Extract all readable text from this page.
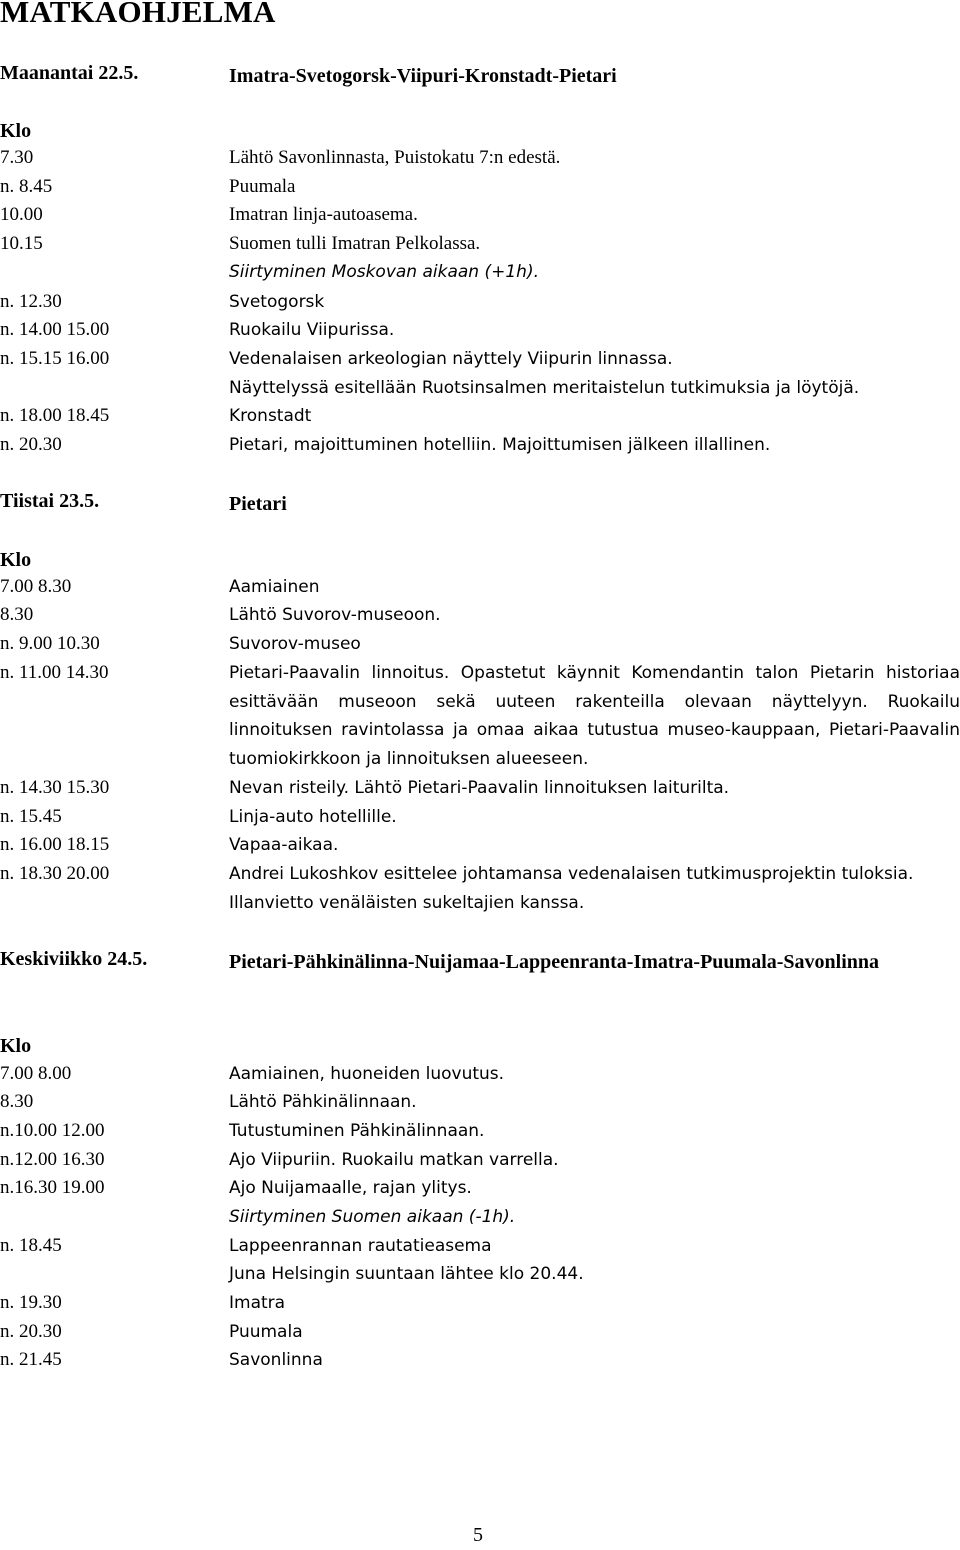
MATKAOHJELMA
Maanantai 22.5.	Imatra-Svetogorsk-Viipuri-Kronstadt-Pietari
Klo
7.30	Lähtö Savonlinnasta, Puistokatu 7:n edestä.
n. 8.45	Puumala
10.00	Imatran linja-autoasema.
10.15	Suomen tulli Imatran Pelkolassa.
Siirtyminen Moskovan aikaan (+1h).
n. 12.30	Svetogorsk
n. 14.00 15.00	Ruokailu Viipurissa.
n. 15.15 16.00	Vedenalaisen arkeologian näyttely Viipurin linnassa.
Näyttelyssä esitellään Ruotsinsalmen meritaistelun tutkimuksia ja löytöjä.
n. 18.00 18.45	Kronstadt
n. 20.30	Pietari, majoittuminen hotelliin. Majoittumisen jälkeen illallinen.
Tiistai 23.5.	Pietari
Klo
7.00 8.30	Aamiainen
8.30	Lähtö Suvorov-museoon.
n. 9.00 10.30	Suvorov-museo
n. 11.00 14.30	Pietari-Paavalin linnoitus. Opastetut käynnit Komendantin talon Pietarin historiaa esittävään museoon sekä uuteen rakenteilla olevaan näyttelyyn. Ruokailu linnoituksen ravintolassa ja omaa aikaa tutustua museo-kauppaan, Pietari-Paavalin tuomiokirkkoon ja linnoituksen alueeseen.
n. 14.30 15.30	Nevan risteily. Lähtö Pietari-Paavalin linnoituksen laiturilta.
n. 15.45	Linja-auto hotellille.
n. 16.00 18.15	Vapaa-aikaa.
n. 18.30 20.00	Andrei Lukoshkov esittelee johtamansa vedenalaisen tutkimusprojektin tuloksia. Illanvietto venäläisten sukeltajien kanssa.
Keskiviikko 24.5.	Pietari-Pähkinälinna-Nuijamaa-Lappeenranta-Imatra-Puumala-Savonlinna
Klo
7.00 8.00	Aamiainen, huoneiden luovutus.
8.30	Lähtö Pähkinälinnaan.
n.10.00 12.00	Tutustuminen Pähkinälinnaan.
n.12.00 16.30	Ajo Viipuriin. Ruokailu matkan varrella.
n.16.30 19.00	Ajo Nuijamaalle, rajan ylitys.
Siirtyminen Suomen aikaan (-1h).
n. 18.45	Lappeenrannan rautatieasema
Juna Helsingin suuntaan lähtee klo 20.44.
n. 19.30	Imatra
n. 20.30	Puumala
n. 21.45	Savonlinna
5
